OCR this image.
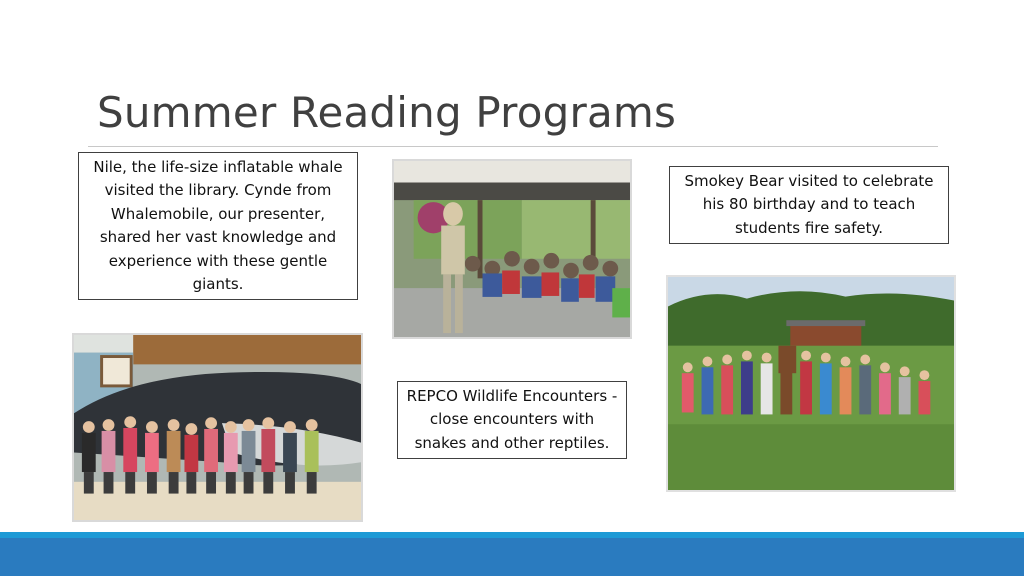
Summer Reading Programs
Nile, the life-size inflatable whale visited the library. Cynde from Whalemobile, our presenter, shared her vast knowledge and experience with these gentle giants.
Smokey Bear visited to celebrate his 80 birthday and to teach students fire safety.
REPCO Wildlife Encounters - close encounters with snakes and other reptiles.
